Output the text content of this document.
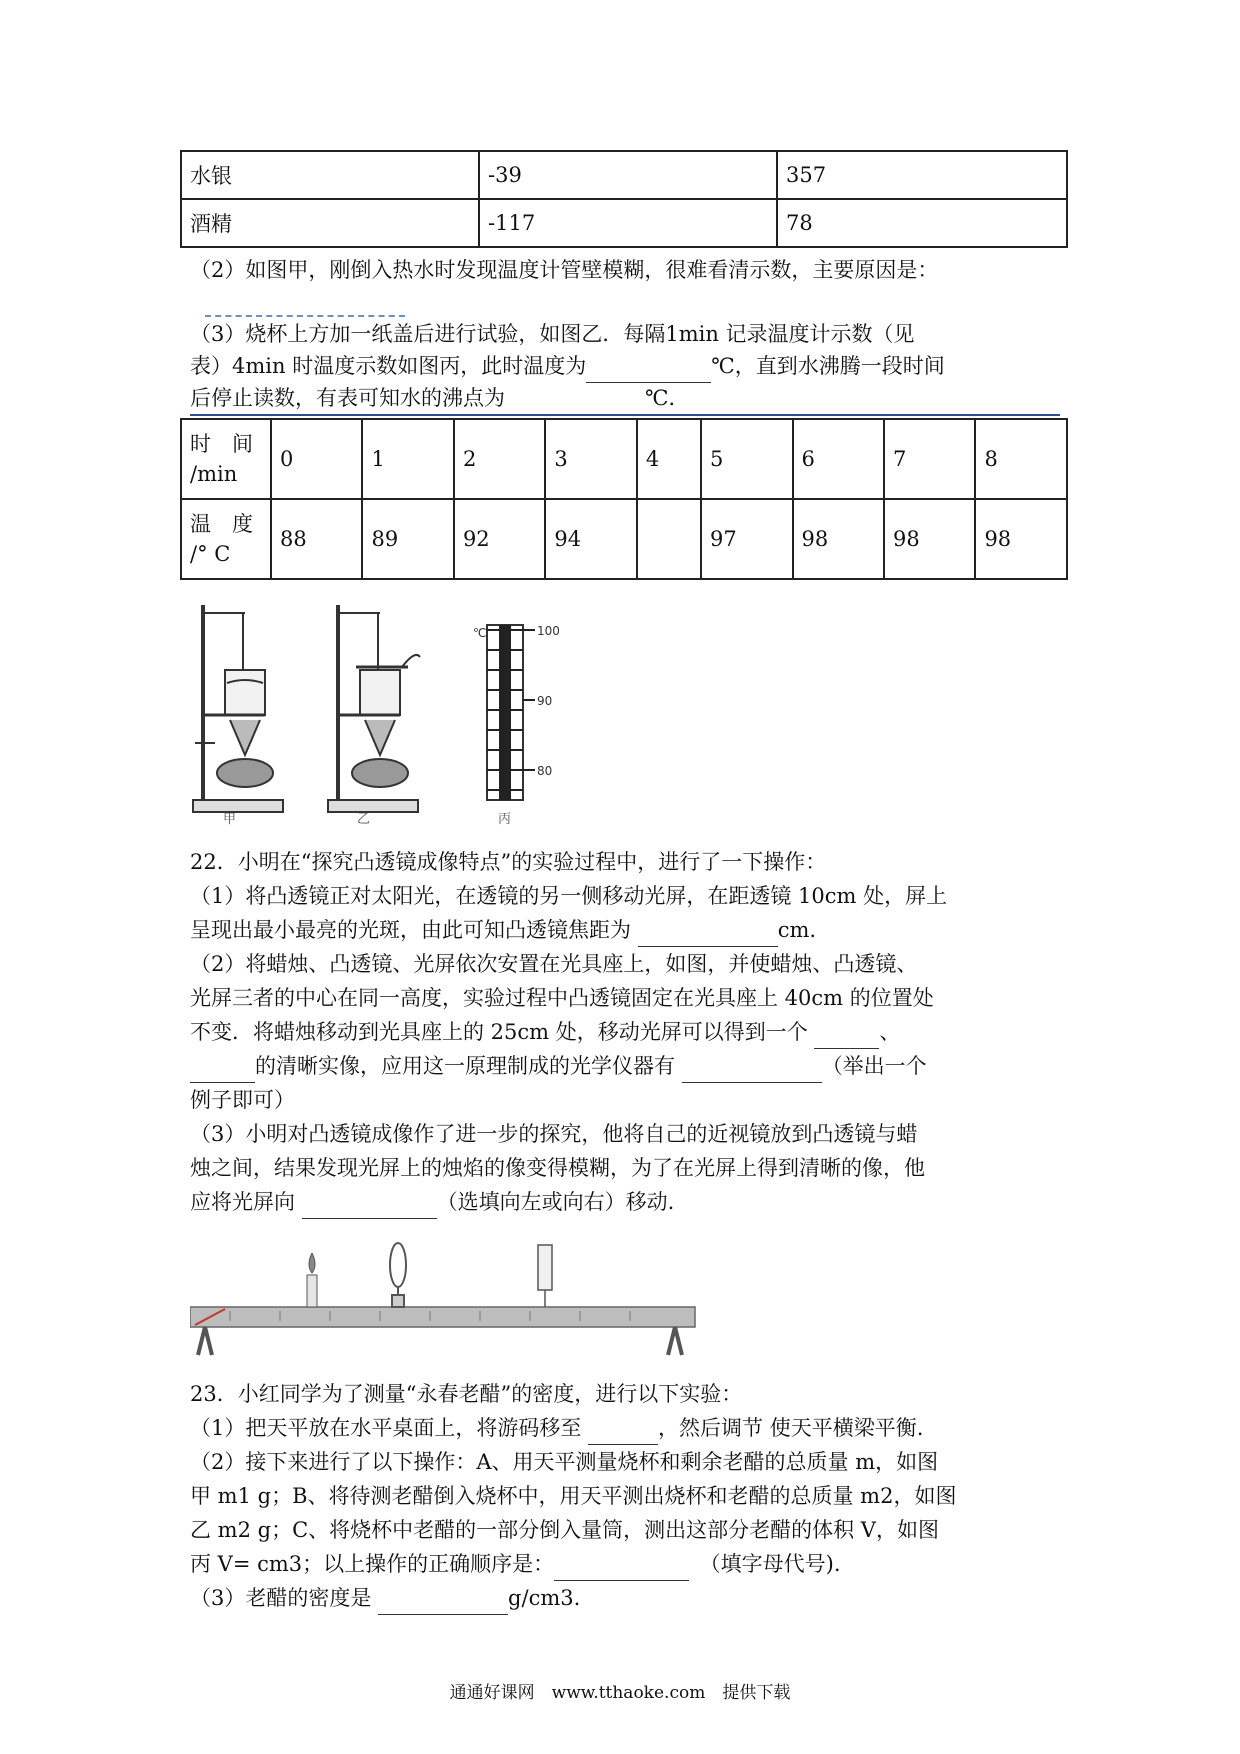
水银	-39	357
酒精	-117	78
（2）如图甲，刚倒入热水时发现温度计管壁模糊，很难看清示数，主要原因是：
（3）烧杯上方加一纸盖后进行试验，如图乙．每隔1min 记录温度计示数（见
表）4min 时温度示数如图丙，此时温度为	℃，直到水沸腾一段时间
后停止读数，有表可知水的沸点为	℃．
时　间
/min	0	1	2	3	4	5	6	7	8
温　度
/° C	88	89	92	94		97	98	98	98
甲	乙
℃	100
90
80
丙
22．小明在“探究凸透镜成像特点”的实验过程中，进行了一下操作：
（1）将凸透镜正对太阳光，在透镜的另一侧移动光屏，在距透镜 10cm 处，屏上
呈现出最小最亮的光斑，由此可知凸透镜焦距为	cm.
（2）将蜡烛、凸透镜、光屏依次安置在光具座上，如图，并使蜡烛、凸透镜、
光屏三者的中心在同一高度，实验过程中凸透镜固定在光具座上 40cm 的位置处
不变．将蜡烛移动到光具座上的 25cm 处，移动光屏可以得到一个	、
的清晰实像，应用这一原理制成的光学仪器有	（举出一个
例子即可）
（3）小明对凸透镜成像作了进一步的探究，他将自己的近视镜放到凸透镜与蜡
烛之间，结果发现光屏上的烛焰的像变得模糊，为了在光屏上得到清晰的像，他
应将光屏向	（选填向左或向右）移动.
23．小红同学为了测量“永春老醋”的密度，进行以下实验：
（1）把天平放在水平桌面上，将游码移至	，然后调节 使天平横梁平衡.
（2）接下来进行了以下操作：A、用天平测量烧杯和剩余老醋的总质量 m，如图
甲 m1 g；B、将待测老醋倒入烧杯中，用天平测出烧杯和老醋的总质量 m2，如图
乙 m2 g；C、将烧杯中老醋的一部分倒入量筒，测出这部分老醋的体积 V，如图
丙 V= cm3；以上操作的正确顺序是： 　	（填字母代号).
（3）老醋的密度是	g/cm3.
通通好课网　www.tthaoke.com　提供下载
